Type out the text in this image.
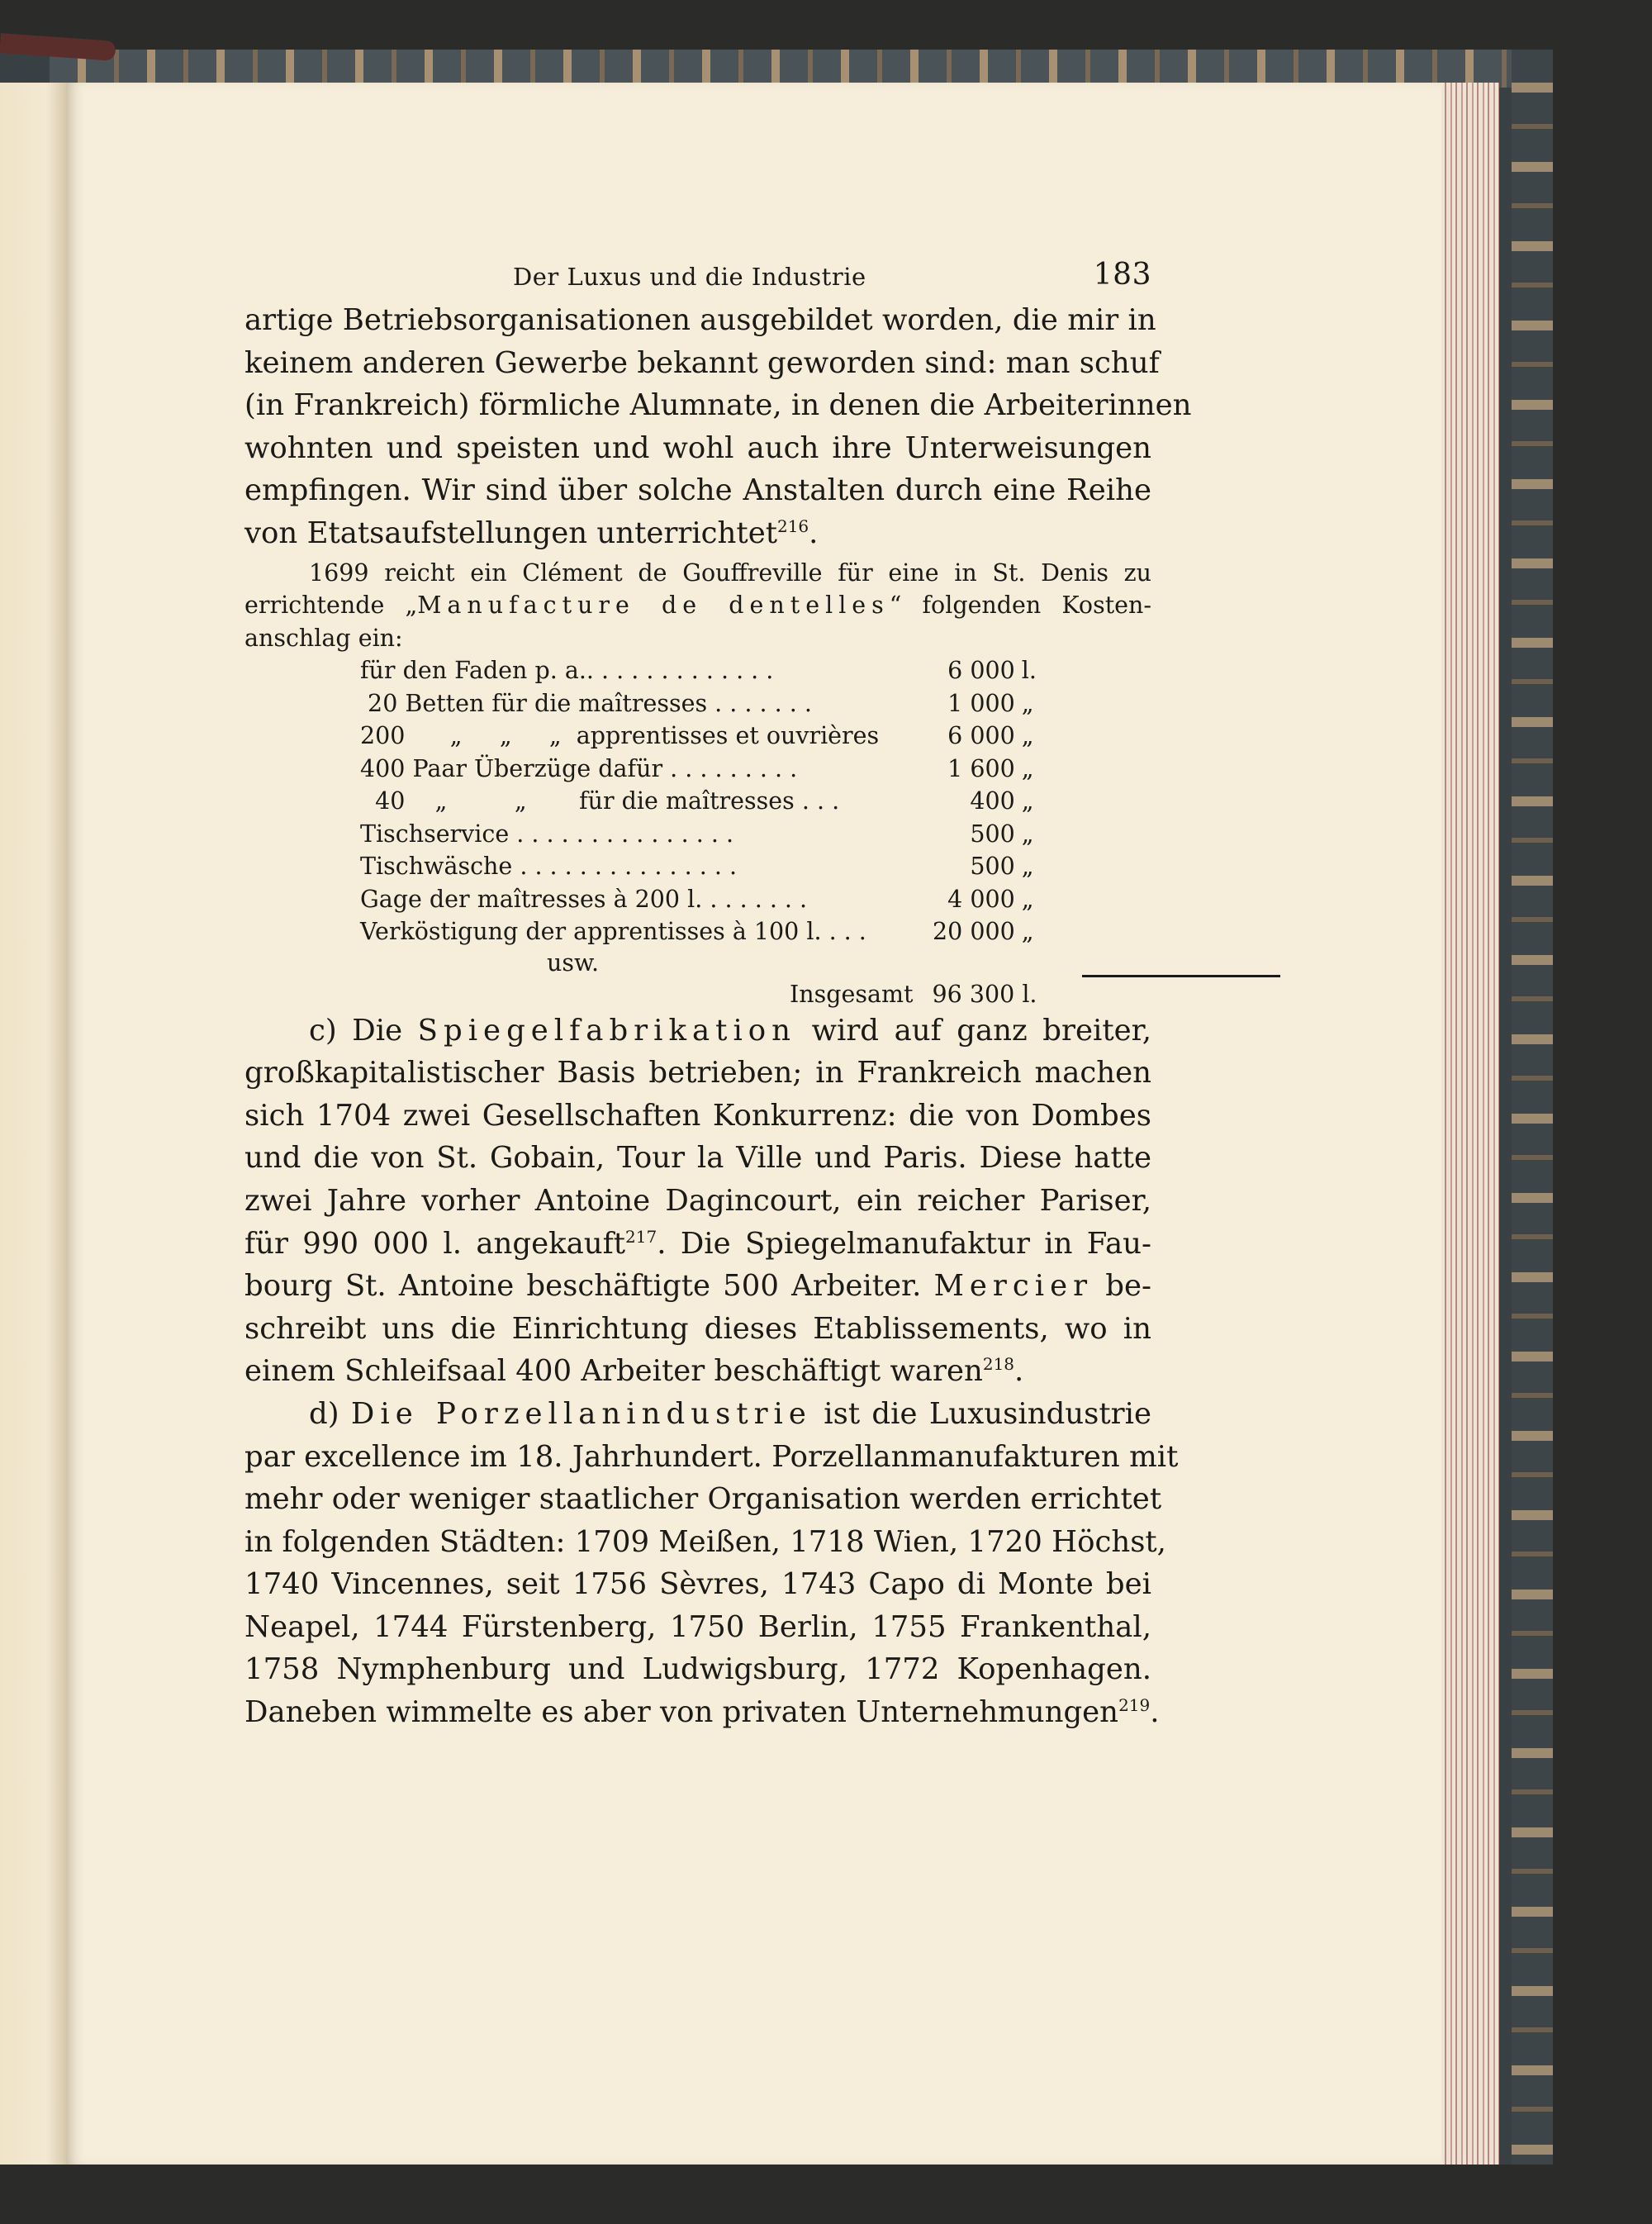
Der Luxus und die Industrie	183

artige Betriebsorganisationen ausgebildet worden, die mir in
keinem anderen Gewerbe bekannt geworden sind: man schuf
(in Frankreich) förmliche Alumnate, in denen die Arbeiterinnen
wohnten und speisten und wohl auch ihre Unterweisungen
empfingen. Wir sind über solche Anstalten durch eine Reihe
von Etatsaufstellungen unterrichtet$^{216}$.

1699 reicht ein Clément de Gouffreville für eine in St. Denis zu
errichtende „Manufacture de dentelles“ folgenden Kosten-
anschlag ein:
für den Faden p. a.. . . . . . . . . . . . .	6 000	l.
20 Betten für die maîtresses . . . . . . .	1 000	„
200      „     „     „  apprentisses et ouvrières	6 000	„
400 Paar Überzüge dafür . . . . . . . . .	1 600	„
40    „         „       für die maîtresses . . .	400	„
Tischservice . . . . . . . . . . . . . . .	500	„
Tischwäsche . . . . . . . . . . . . . . .	500	„
Gage der maîtresses à 200 l. . . . . . . .	4 000	„
Verköstigung der apprentisses à 100 l. . . .	20 000	„
usw.
Insgesamt 96 300 l.

c) Die Spiegelfabrikation wird auf ganz breiter,
großkapitalistischer Basis betrieben; in Frankreich machen
sich 1704 zwei Gesellschaften Konkurrenz: die von Dombes
und die von St. Gobain, Tour la Ville und Paris. Diese hatte
zwei Jahre vorher Antoine Dagincourt, ein reicher Pariser,
für 990 000 l. angekauft$^{217}$. Die Spiegelmanufaktur in Fau-
bourg St. Antoine beschäftigte 500 Arbeiter. Mercier be-
schreibt uns die Einrichtung dieses Etablissements, wo in
einem Schleifsaal 400 Arbeiter beschäftigt waren$^{218}$.

d) Die Porzellanindustrie ist die Luxusindustrie
par excellence im 18. Jahrhundert. Porzellanmanufakturen mit
mehr oder weniger staatlicher Organisation werden errichtet
in folgenden Städten: 1709 Meißen, 1718 Wien, 1720 Höchst,
1740 Vincennes, seit 1756 Sèvres, 1743 Capo di Monte bei
Neapel, 1744 Fürstenberg, 1750 Berlin, 1755 Frankenthal,
1758 Nymphenburg und Ludwigsburg, 1772 Kopenhagen.
Daneben wimmelte es aber von privaten Unternehmungen$^{219}$.
